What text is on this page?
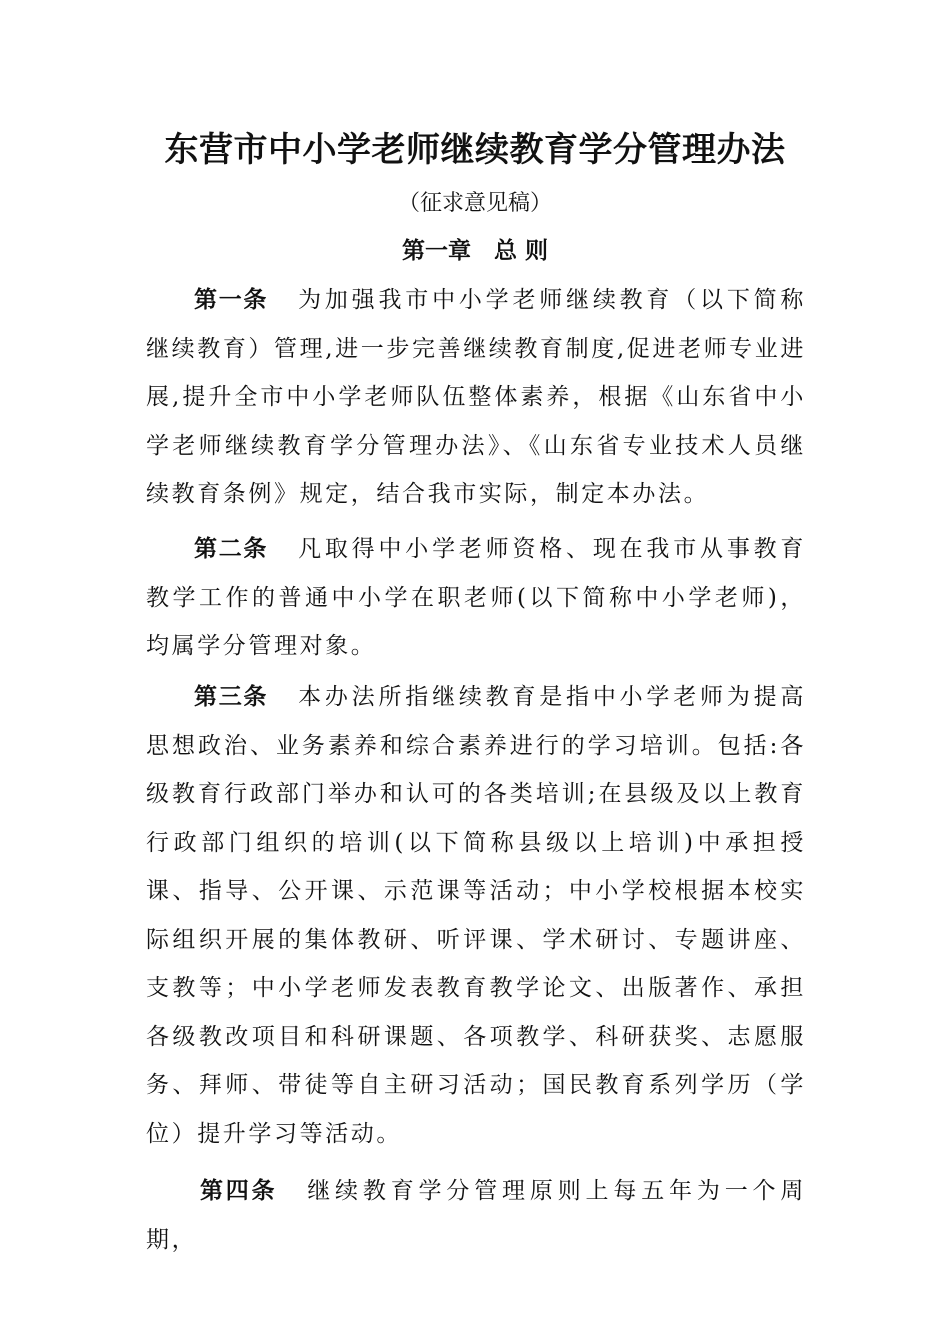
东营市中小学老师继续教育学分管理办法
（征求意见稿）
第一章　总 则

第一条 为加强我市中小学老师继续教育（以下简称继续教育）管理,进一步完善继续教育制度,促进老师专业进展,提升全市中小学老师队伍整体素养，根据《山东省中小学老师继续教育学分管理办法》、《山东省专业技术人员继续教育条例》规定，结合我市实际，制定本办法。

第二条 凡取得中小学老师资格、现在我市从事教育教学工作的普通中小学在职老师(以下简称中小学老师)，均属学分管理对象。

第三条 本办法所指继续教育是指中小学老师为提高思想政治、业务素养和综合素养进行的学习培训。包括:各级教育行政部门举办和认可的各类培训;在县级及以上教育行政部门组织的培训(以下简称县级以上培训)中承担授课、指导、公开课、示范课等活动；中小学校根据本校实际组织开展的集体教研、听评课、学术研讨、专题讲座、支教等；中小学老师发表教育教学论文、出版著作、承担各级教改项目和科研课题、各项教学、科研获奖、志愿服务、拜师、带徒等自主研习活动；国民教育系列学历（学位）提升学习等活动。

第四条 继续教育学分管理原则上每五年为一个周期，
